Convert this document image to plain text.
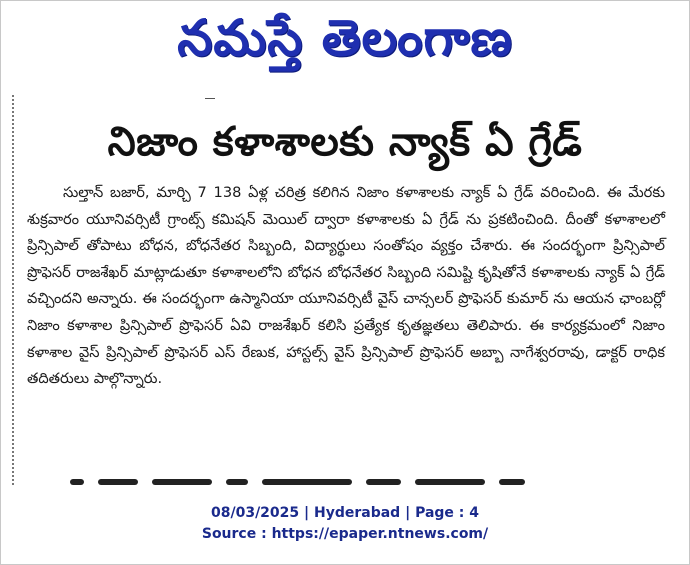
నమస్తే తెలంగాణ
నిజాం కళాశాలకు న్యాక్ ఏ గ్రేడ్

సుల్తాన్ బజార్, మార్చి 7 138 ఏళ్ల చరిత్ర కలిగిన నిజాం కళాశాలకు న్యాక్ ఏ గ్రేడ్ వరించింది. ఈ మేరకు శుక్రవారం యూనివర్సిటీ గ్రాంట్స్ కమిషన్ మెయిల్ ద్వారా కళాశాలకు ఏ గ్రేడ్ ను ప్రకటించింది. దీంతో కళాశాలలో ప్రిన్సిపాల్ తోపాటు బోధన, బోధనేతర సిబ్బంది, విద్యార్థులు సంతోషం వ్యక్తం చేశారు. ఈ సందర్భంగా ప్రిన్సిపాల్ ప్రొఫెసర్ రాజశేఖర్ మాట్లాడుతూ కళాశాలలోని బోధన బోధనేతర సిబ్బంది సమిష్టి కృషితోనే కళాశాలకు న్యాక్ ఏ గ్రేడ్ వచ్చిందని అన్నారు. ఈ సందర్భంగా ఉస్మానియా యూనివర్సిటీ వైస్ చాన్సలర్ ప్రొఫెసర్ కుమార్ ను ఆయన ఛాంబర్లో నిజాం కళాశాల ప్రిన్సిపాల్ ప్రొఫెసర్ ఏవి రాజశేఖర్ కలిసి ప్రత్యేక కృతజ్ఞతలు తెలిపారు. ఈ కార్యక్రమంలో నిజాం కళాశాల వైస్ ప్రిన్సిపాల్ ప్రొఫెసర్ ఎస్ రేణుక, హాస్టల్స్ వైస్ ప్రిన్సిపాల్ ప్రొఫెసర్ అబ్బా నాగేశ్వరరావు, డాక్టర్ రాధిక తదితరులు పాల్గొన్నారు.

08/03/2025 | Hyderabad | Page : 4
Source : https://epaper.ntnews.com/
